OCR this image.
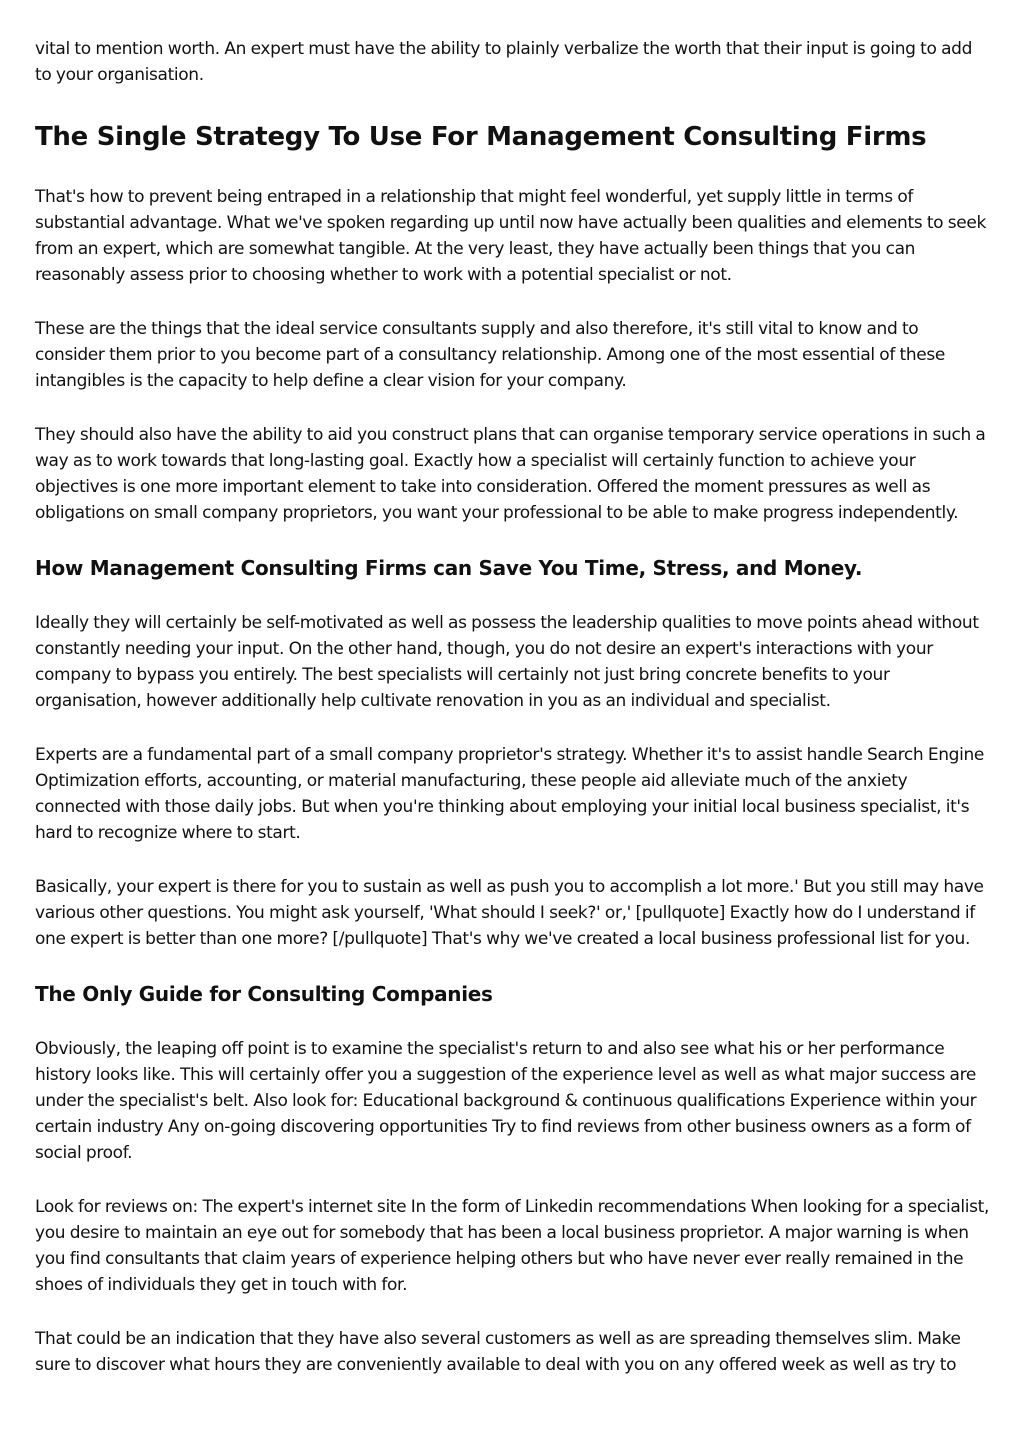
vital to mention worth. An expert must have the ability to plainly verbalize the worth that their input is going to add to your organisation.

The Single Strategy To Use For Management Consulting Firms

That's how to prevent being entraped in a relationship that might feel wonderful, yet supply little in terms of substantial advantage. What we've spoken regarding up until now have actually been qualities and elements to seek from an expert, which are somewhat tangible. At the very least, they have actually been things that you can reasonably assess prior to choosing whether to work with a potential specialist or not.

These are the things that the ideal service consultants supply and also therefore, it's still vital to know and to consider them prior to you become part of a consultancy relationship. Among one of the most essential of these intangibles is the capacity to help define a clear vision for your company.

They should also have the ability to aid you construct plans that can organise temporary service operations in such a way as to work towards that long-lasting goal. Exactly how a specialist will certainly function to achieve your objectives is one more important element to take into consideration. Offered the moment pressures as well as obligations on small company proprietors, you want your professional to be able to make progress independently.

How Management Consulting Firms can Save You Time, Stress, and Money.

Ideally they will certainly be self-motivated as well as possess the leadership qualities to move points ahead without constantly needing your input. On the other hand, though, you do not desire an expert's interactions with your company to bypass you entirely. The best specialists will certainly not just bring concrete benefits to your organisation, however additionally help cultivate renovation in you as an individual and specialist.

Experts are a fundamental part of a small company proprietor's strategy. Whether it's to assist handle Search Engine Optimization efforts, accounting, or material manufacturing, these people aid alleviate much of the anxiety connected with those daily jobs. But when you're thinking about employing your initial local business specialist, it's hard to recognize where to start.

Basically, your expert is there for you to sustain as well as push you to accomplish a lot more.' But you still may have various other questions. You might ask yourself, 'What should I seek?' or,' [pullquote] Exactly how do I understand if one expert is better than one more? [/pullquote] That's why we've created a local business professional list for you.

The Only Guide for Consulting Companies

Obviously, the leaping off point is to examine the specialist's return to and also see what his or her performance history looks like. This will certainly offer you a suggestion of the experience level as well as what major success are under the specialist's belt. Also look for: Educational background & continuous qualifications Experience within your certain industry Any on-going discovering opportunities Try to find reviews from other business owners as a form of social proof.

Look for reviews on: The expert's internet site In the form of Linkedin recommendations When looking for a specialist, you desire to maintain an eye out for somebody that has been a local business proprietor. A major warning is when you find consultants that claim years of experience helping others but who have never ever really remained in the shoes of individuals they get in touch with for.

That could be an indication that they have also several customers as well as are spreading themselves slim. Make sure to discover what hours they are conveniently available to deal with you on any offered week as well as try to
